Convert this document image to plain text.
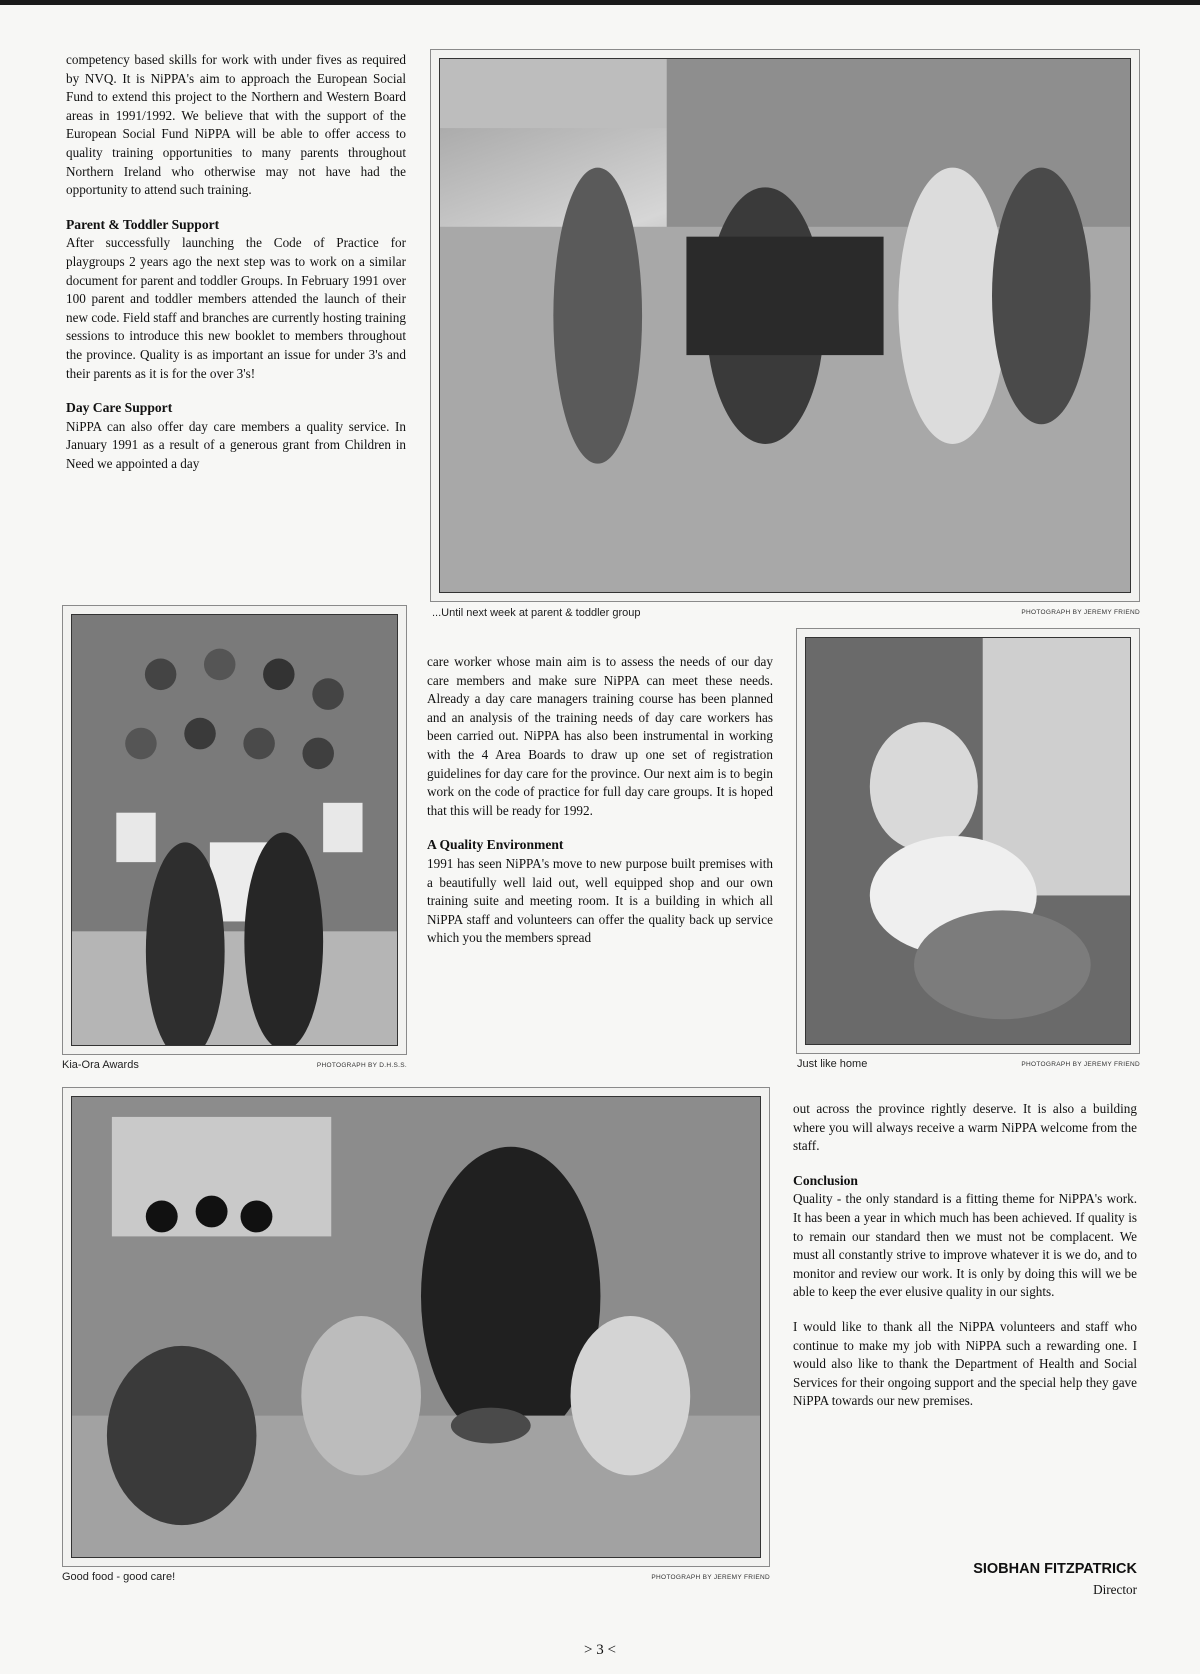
competency based skills for work with under fives as required by NVQ. It is NiPPA's aim to approach the European Social Fund to extend this project to the Northern and Western Board areas in 1991/1992. We believe that with the support of the European Social Fund NiPPA will be able to offer access to quality training opportunities to many parents throughout Northern Ireland who otherwise may not have had the opportunity to attend such training.

Parent & Toddler Support

After successfully launching the Code of Practice for playgroups 2 years ago the next step was to work on a similar document for parent and toddler Groups. In February 1991 over 100 parent and toddler members attended the launch of their new code. Field staff and branches are currently hosting training sessions to introduce this new booklet to members throughout the province. Quality is as important an issue for under 3's and their parents as it is for the over 3's!

Day Care Support

NiPPA can also offer day care members a quality service. In January 1991 as a result of a generous grant from Children in Need we appointed a day

...Until next week at parent & toddler group	PHOTOGRAPH BY JEREMY FRIEND
Kia-Ora Awards	PHOTOGRAPH BY D.H.S.S.

care worker whose main aim is to assess the needs of our day care members and make sure NiPPA can meet these needs. Already a day care managers training course has been planned and an analysis of the training needs of day care workers has been carried out. NiPPA has also been instrumental in working with the 4 Area Boards to draw up one set of registration guidelines for day care for the province. Our next aim is to begin work on the code of practice for full day care groups. It is hoped that this will be ready for 1992.

A Quality Environment

1991 has seen NiPPA's move to new purpose built premises with a beautifully well laid out, well equipped shop and our own training suite and meeting room. It is a building in which all NiPPA staff and volunteers can offer the quality back up service which you the members spread

Just like home	PHOTOGRAPH BY JEREMY FRIEND
Good food - good care!	PHOTOGRAPH BY JEREMY FRIEND

out across the province rightly deserve. It is also a building where you will always receive a warm NiPPA welcome from the staff.

Conclusion

Quality - the only standard is a fitting theme for NiPPA's work. It has been a year in which much has been achieved. If quality is to remain our standard then we must not be complacent. We must all constantly strive to improve whatever it is we do, and to monitor and review our work. It is only by doing this will we be able to keep the ever elusive quality in our sights.

I would like to thank all the NiPPA volunteers and staff who continue to make my job with NiPPA such a rewarding one. I would also like to thank the Department of Health and Social Services for their ongoing support and the special help they gave NiPPA towards our new premises.

SIOBHAN FITZPATRICK
Director
> 3 <
